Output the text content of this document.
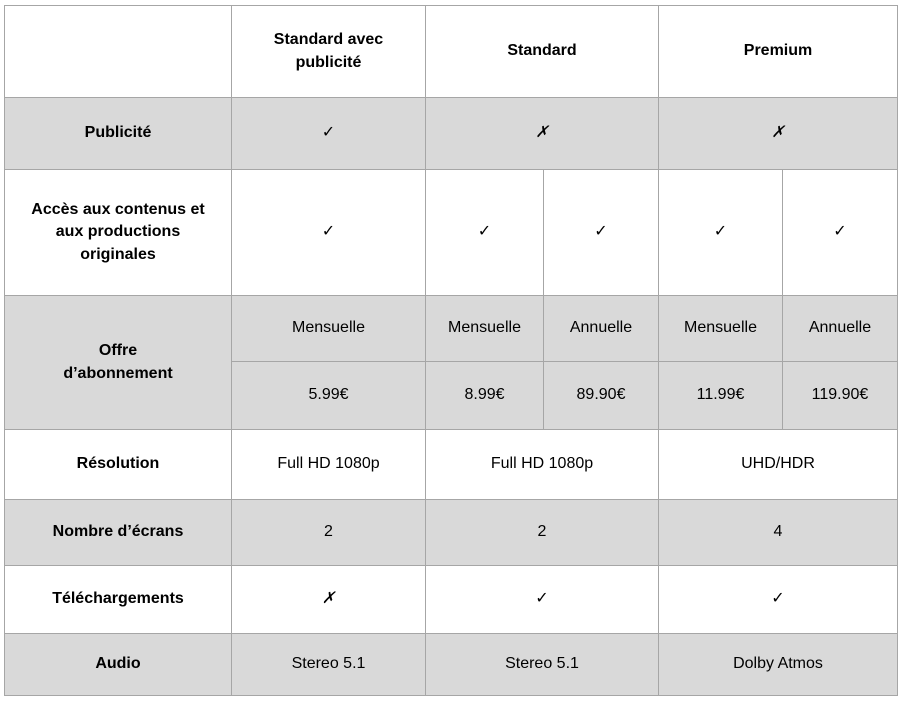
	Standard avec publicité	Standard		Premium	
Publicité	✓	✗		✗	
Accès aux contenus et aux productions originales	✓	✓	✓	✓	✓
Offre d’abonnement	Mensuelle	Mensuelle	Annuelle	Mensuelle	Annuelle
	5.99€	8.99€	89.90€	11.99€	119.90€
Résolution	Full HD 1080p	Full HD 1080p		UHD/HDR	
Nombre d’écrans	2	2		4	
Téléchargements	✗	✓		✓	
Audio	Stereo 5.1	Stereo 5.1		Dolby Atmos	
